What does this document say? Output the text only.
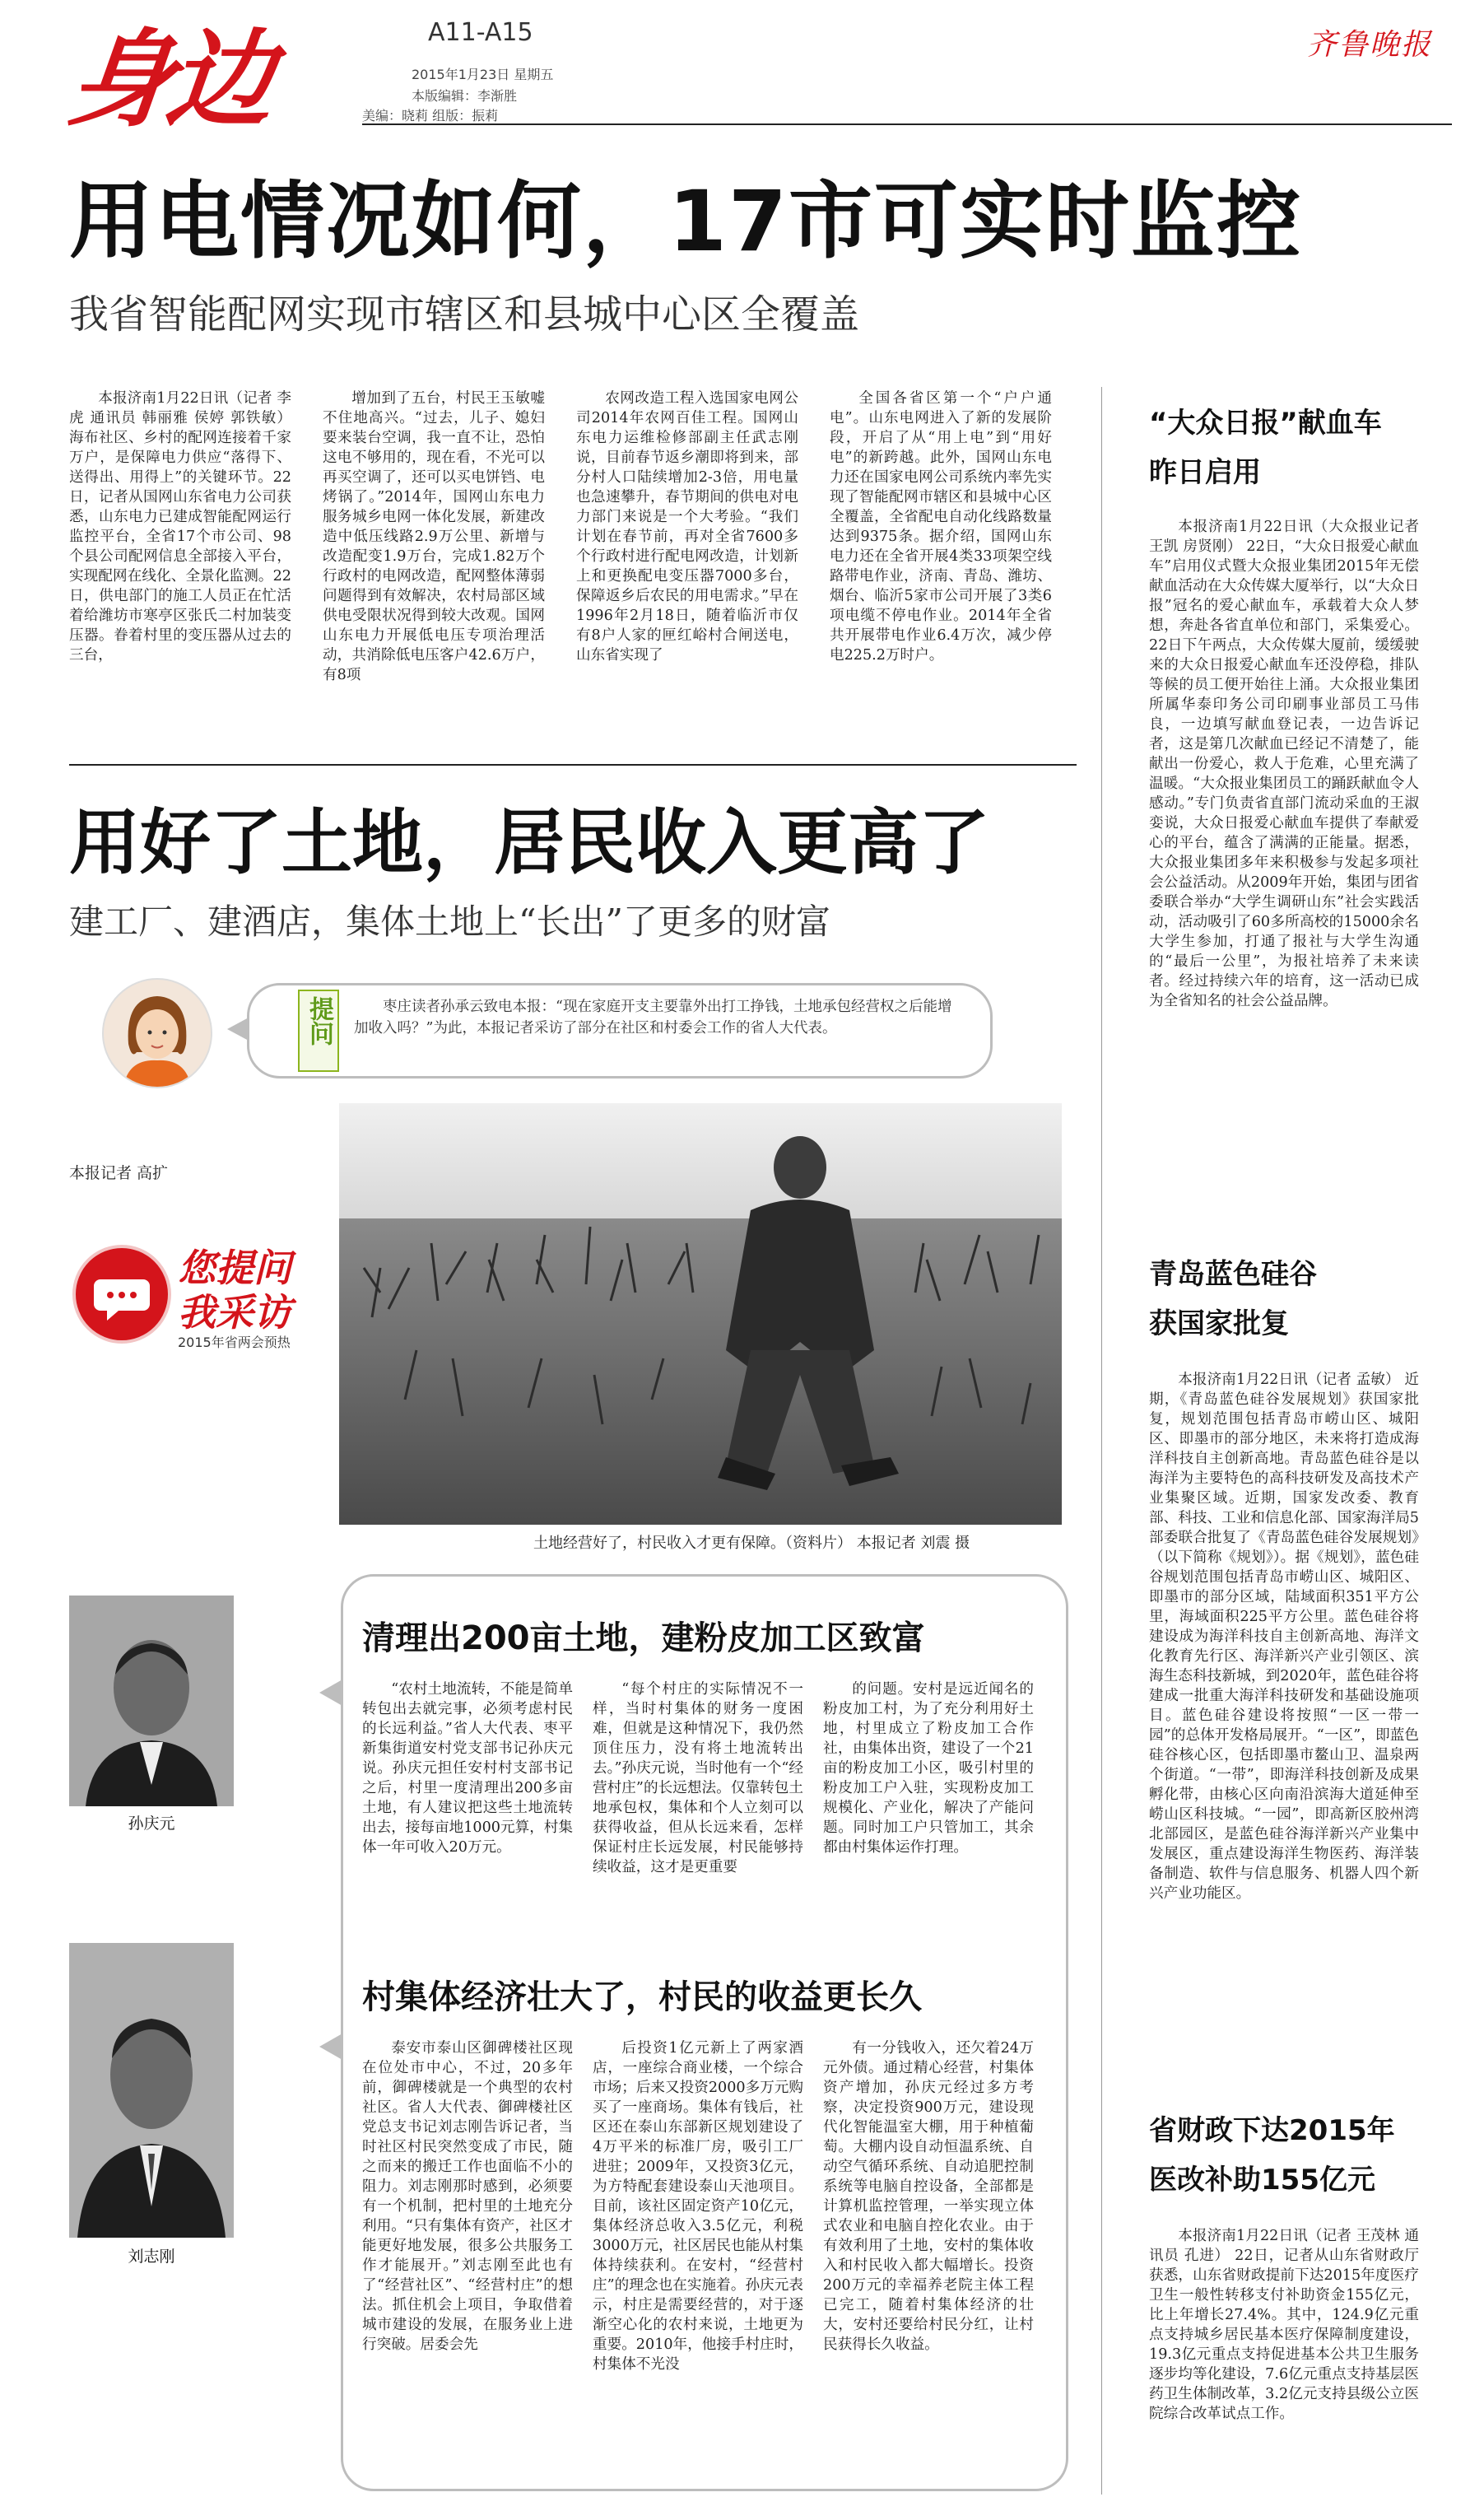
身边	A11-A15
2015年1月23日 星期五
本版编辑：李渐胜
美编：晓莉 组版：振莉
齐鲁晚报
用电情况如何，17市可实时监控
我省智能配网实现市辖区和县城中心区全覆盖
本报济南1月22日讯（记者 李虎 通讯员 韩丽雅 侯婷 郭铁敏） 海布社区、乡村的配网连接着千家万户，是保障电力供应“落得下、送得出、用得上”的关键环节。22日，记者从国网山东省电力公司获悉，山东电力已建成智能配网运行监控平台，全省17个市公司、98个县公司配网信息全部接入平台，实现配网在线化、全景化监测。22日，供电部门的施工人员正在忙活着给潍坊市寒亭区张氏二村加装变压器。眷着村里的变压器从过去的三台，
增加到了五台，村民王玉敏嘘不住地高兴。“过去，儿子、媳妇要来装台空调，我一直不让，恐怕这电不够用的，现在看，不光可以再买空调了，还可以买电饼铛、电烤锅了。”2014年，国网山东电力服务城乡电网一体化发展，新建改造中低压线路2.9万公里、新增与改造配变1.9万台，完成1.82万个行政村的电网改造，配网整体薄弱问题得到有效解决，农村局部区域供电受限状况得到较大改观。国网山东电力开展低电压专项治理活动，共消除低电压客户42.6万户，有8项
农网改造工程入选国家电网公司2014年农网百佳工程。国网山东电力运维检修部副主任武志刚说，目前春节返乡潮即将到来，部分村人口陆续增加2-3倍，用电量也急速攀升，春节期间的供电对电力部门来说是一个大考验。“我们计划在春节前，再对全省7600多个行政村进行配电网改造，计划新上和更换配电变压器7000多台，保障返乡后农民的用电需求。”早在1996年2月18日，随着临沂市仅有8户人家的匣红峪村合闸送电，山东省实现了
全国各省区第一个“户户通电”。山东电网进入了新的发展阶段，开启了从“用上电”到“用好电”的新跨越。此外，国网山东电力还在国家电网公司系统内率先实现了智能配网市辖区和县城中心区全覆盖，全省配电自动化线路数量达到9375条。据介绍，国网山东电力还在全省开展4类33项架空线路带电作业，济南、青岛、潍坊、烟台、临沂5家市公司开展了3类6项电缆不停电作业。2014年全省共开展带电作业6.4万次，减少停电225.2万时户。
用好了土地，居民收入更高了
建工厂、建酒店，集体土地上“长出”了更多的财富
提问	枣庄读者孙承云致电本报：“现在家庭开支主要靠外出打工挣钱，土地承包经营权之后能增加收入吗？”为此，本报记者采访了部分在社区和村委会工作的省人大代表。
本报记者 高扩
您提问
我采访
2015年省两会预热
土地经营好了，村民收入才更有保障。（资料片） 本报记者 刘震 摄
孙庆元
刘志刚
清理出200亩土地，建粉皮加工区致富
“农村土地流转，不能是简单转包出去就完事，必须考虑村民的长远利益。”省人大代表、枣平新集街道安村党支部书记孙庆元说。孙庆元担任安村村支部书记之后，村里一度清理出200多亩土地，有人建议把这些土地流转出去，接每亩地1000元算，村集体一年可收入20万元。
“每个村庄的实际情况不一样，当时村集体的财务一度困难，但就是这种情况下，我仍然顶住压力，没有将土地流转出去。”孙庆元说，当时他有一个“经营村庄”的长远想法。仅靠转包土地承包权，集体和个人立刻可以获得收益，但从长远来看，怎样保证村庄长远发展，村民能够持续收益，这才是更重要
的问题。安村是远近闻名的粉皮加工村，为了充分利用好土地，村里成立了粉皮加工合作社，由集体出资，建设了一个21亩的粉皮加工小区，吸引村里的粉皮加工户入驻，实现粉皮加工规模化、产业化，解决了产能问题。同时加工户只管加工，其余都由村集体运作打理。
村集体经济壮大了，村民的收益更长久
泰安市泰山区御碑楼社区现在位处市中心，不过，20多年前，御碑楼就是一个典型的农村社区。省人大代表、御碑楼社区党总支书记刘志刚告诉记者，当时社区村民突然变成了市民，随之而来的搬迁工作也面临不小的阻力。刘志刚那时感到，必须要有一个机制，把村里的土地充分利用。“只有集体有资产，社区才能更好地发展，很多公共服务工作才能展开。”刘志刚至此也有了“经营社区”、“经营村庄”的想法。抓住机会上项目，争取借着城市建设的发展，在服务业上进行突破。居委会先
后投资1亿元新上了两家酒店，一座综合商业楼，一个综合市场；后来又投资2000多万元购买了一座商场。集体有钱后，社区还在泰山东部新区规划建设了4万平米的标准厂房，吸引工厂进驻；2009年，又投资3亿元，为方特配套建设泰山天池项目。目前，该社区固定资产10亿元，集体经济总收入3.5亿元，利税3000万元，社区居民也能从村集体持续获利。在安村，“经营村庄”的理念也在实施着。孙庆元表示，村庄是需要经营的，对于逐渐空心化的农村来说，土地更为重要。2010年，他接手村庄时，村集体不光没
有一分钱收入，还欠着24万元外债。通过精心经营，村集体资产增加，孙庆元经过多方考察，决定投资900万元，建设现代化智能温室大棚，用于种植葡萄。大棚内设自动恒温系统、自动空气循环系统、自动追肥控制系统等电脑自控设备，全部都是计算机监控管理，一举实现立体式农业和电脑自控化农业。由于有效利用了土地，安村的集体收入和村民收入都大幅增长。投资200万元的幸福养老院主体工程已完工，随着村集体经济的壮大，安村还要给村民分红，让村民获得长久收益。
“大众日报”献血车
昨日启用
本报济南1月22日讯（大众报业记者 王凯 房贤刚） 22日，“大众日报爱心献血车”启用仪式暨大众报业集团2015年无偿献血活动在大众传媒大厦举行，以“大众日报”冠名的爱心献血车，承载着大众人梦想，奔赴各省直单位和部门，采集爱心。22日下午两点，大众传媒大厦前，缓缓驶来的大众日报爱心献血车还没停稳，排队等候的员工便开始往上涌。大众报业集团所属华泰印务公司印刷事业部员工马伟良，一边填写献血登记表，一边告诉记者，这是第几次献血已经记不清楚了，能献出一份爱心，救人于危难，心里充满了温暖。“大众报业集团员工的踊跃献血令人感动。”专门负责省直部门流动采血的王淑娈说，大众日报爱心献血车提供了奉献爱心的平台，蕴含了满满的正能量。据悉，大众报业集团多年来积极参与发起多项社会公益活动。从2009年开始，集团与团省委联合举办“大学生调研山东”社会实践活动，活动吸引了60多所高校的15000余名大学生参加，打通了报社与大学生沟通的“最后一公里”，为报社培养了未来读者。经过持续六年的培育，这一活动已成为全省知名的社会公益品牌。
青岛蓝色硅谷
获国家批复
本报济南1月22日讯（记者 孟敏） 近期，《青岛蓝色硅谷发展规划》获国家批复，规划范围包括青岛市崂山区、城阳区、即墨市的部分地区，未来将打造成海洋科技自主创新高地。青岛蓝色硅谷是以海洋为主要特色的高科技研发及高技术产业集聚区域。近期，国家发改委、教育部、科技、工业和信息化部、国家海洋局5部委联合批复了《青岛蓝色硅谷发展规划》（以下简称《规划》）。据《规划》，蓝色硅谷规划范围包括青岛市崂山区、城阳区、即墨市的部分区域，陆域面积351平方公里，海域面积225平方公里。蓝色硅谷将建设成为海洋科技自主创新高地、海洋文化教育先行区、海洋新兴产业引领区、滨海生态科技新城，到2020年，蓝色硅谷将建成一批重大海洋科技研发和基础设施项目。蓝色硅谷建设将按照“一区一带一园”的总体开发格局展开。“一区”，即蓝色硅谷核心区，包括即墨市鳌山卫、温泉两个街道。“一带”，即海洋科技创新及成果孵化带，由核心区向南沿滨海大道延伸至崂山区科技城。“一园”，即高新区胶州湾北部园区，是蓝色硅谷海洋新兴产业集中发展区，重点建设海洋生物医药、海洋装备制造、软件与信息服务、机器人四个新兴产业功能区。
省财政下达2015年
医改补助155亿元
本报济南1月22日讯（记者 王茂林 通讯员 孔进） 22日，记者从山东省财政厅获悉，山东省财政提前下达2015年度医疗卫生一般性转移支付补助资金155亿元，比上年增长27.4%。其中，124.9亿元重点支持城乡居民基本医疗保障制度建设，19.3亿元重点支持促进基本公共卫生服务逐步均等化建设，7.6亿元重点支持基层医药卫生体制改革，3.2亿元支持县级公立医院综合改革试点工作。
